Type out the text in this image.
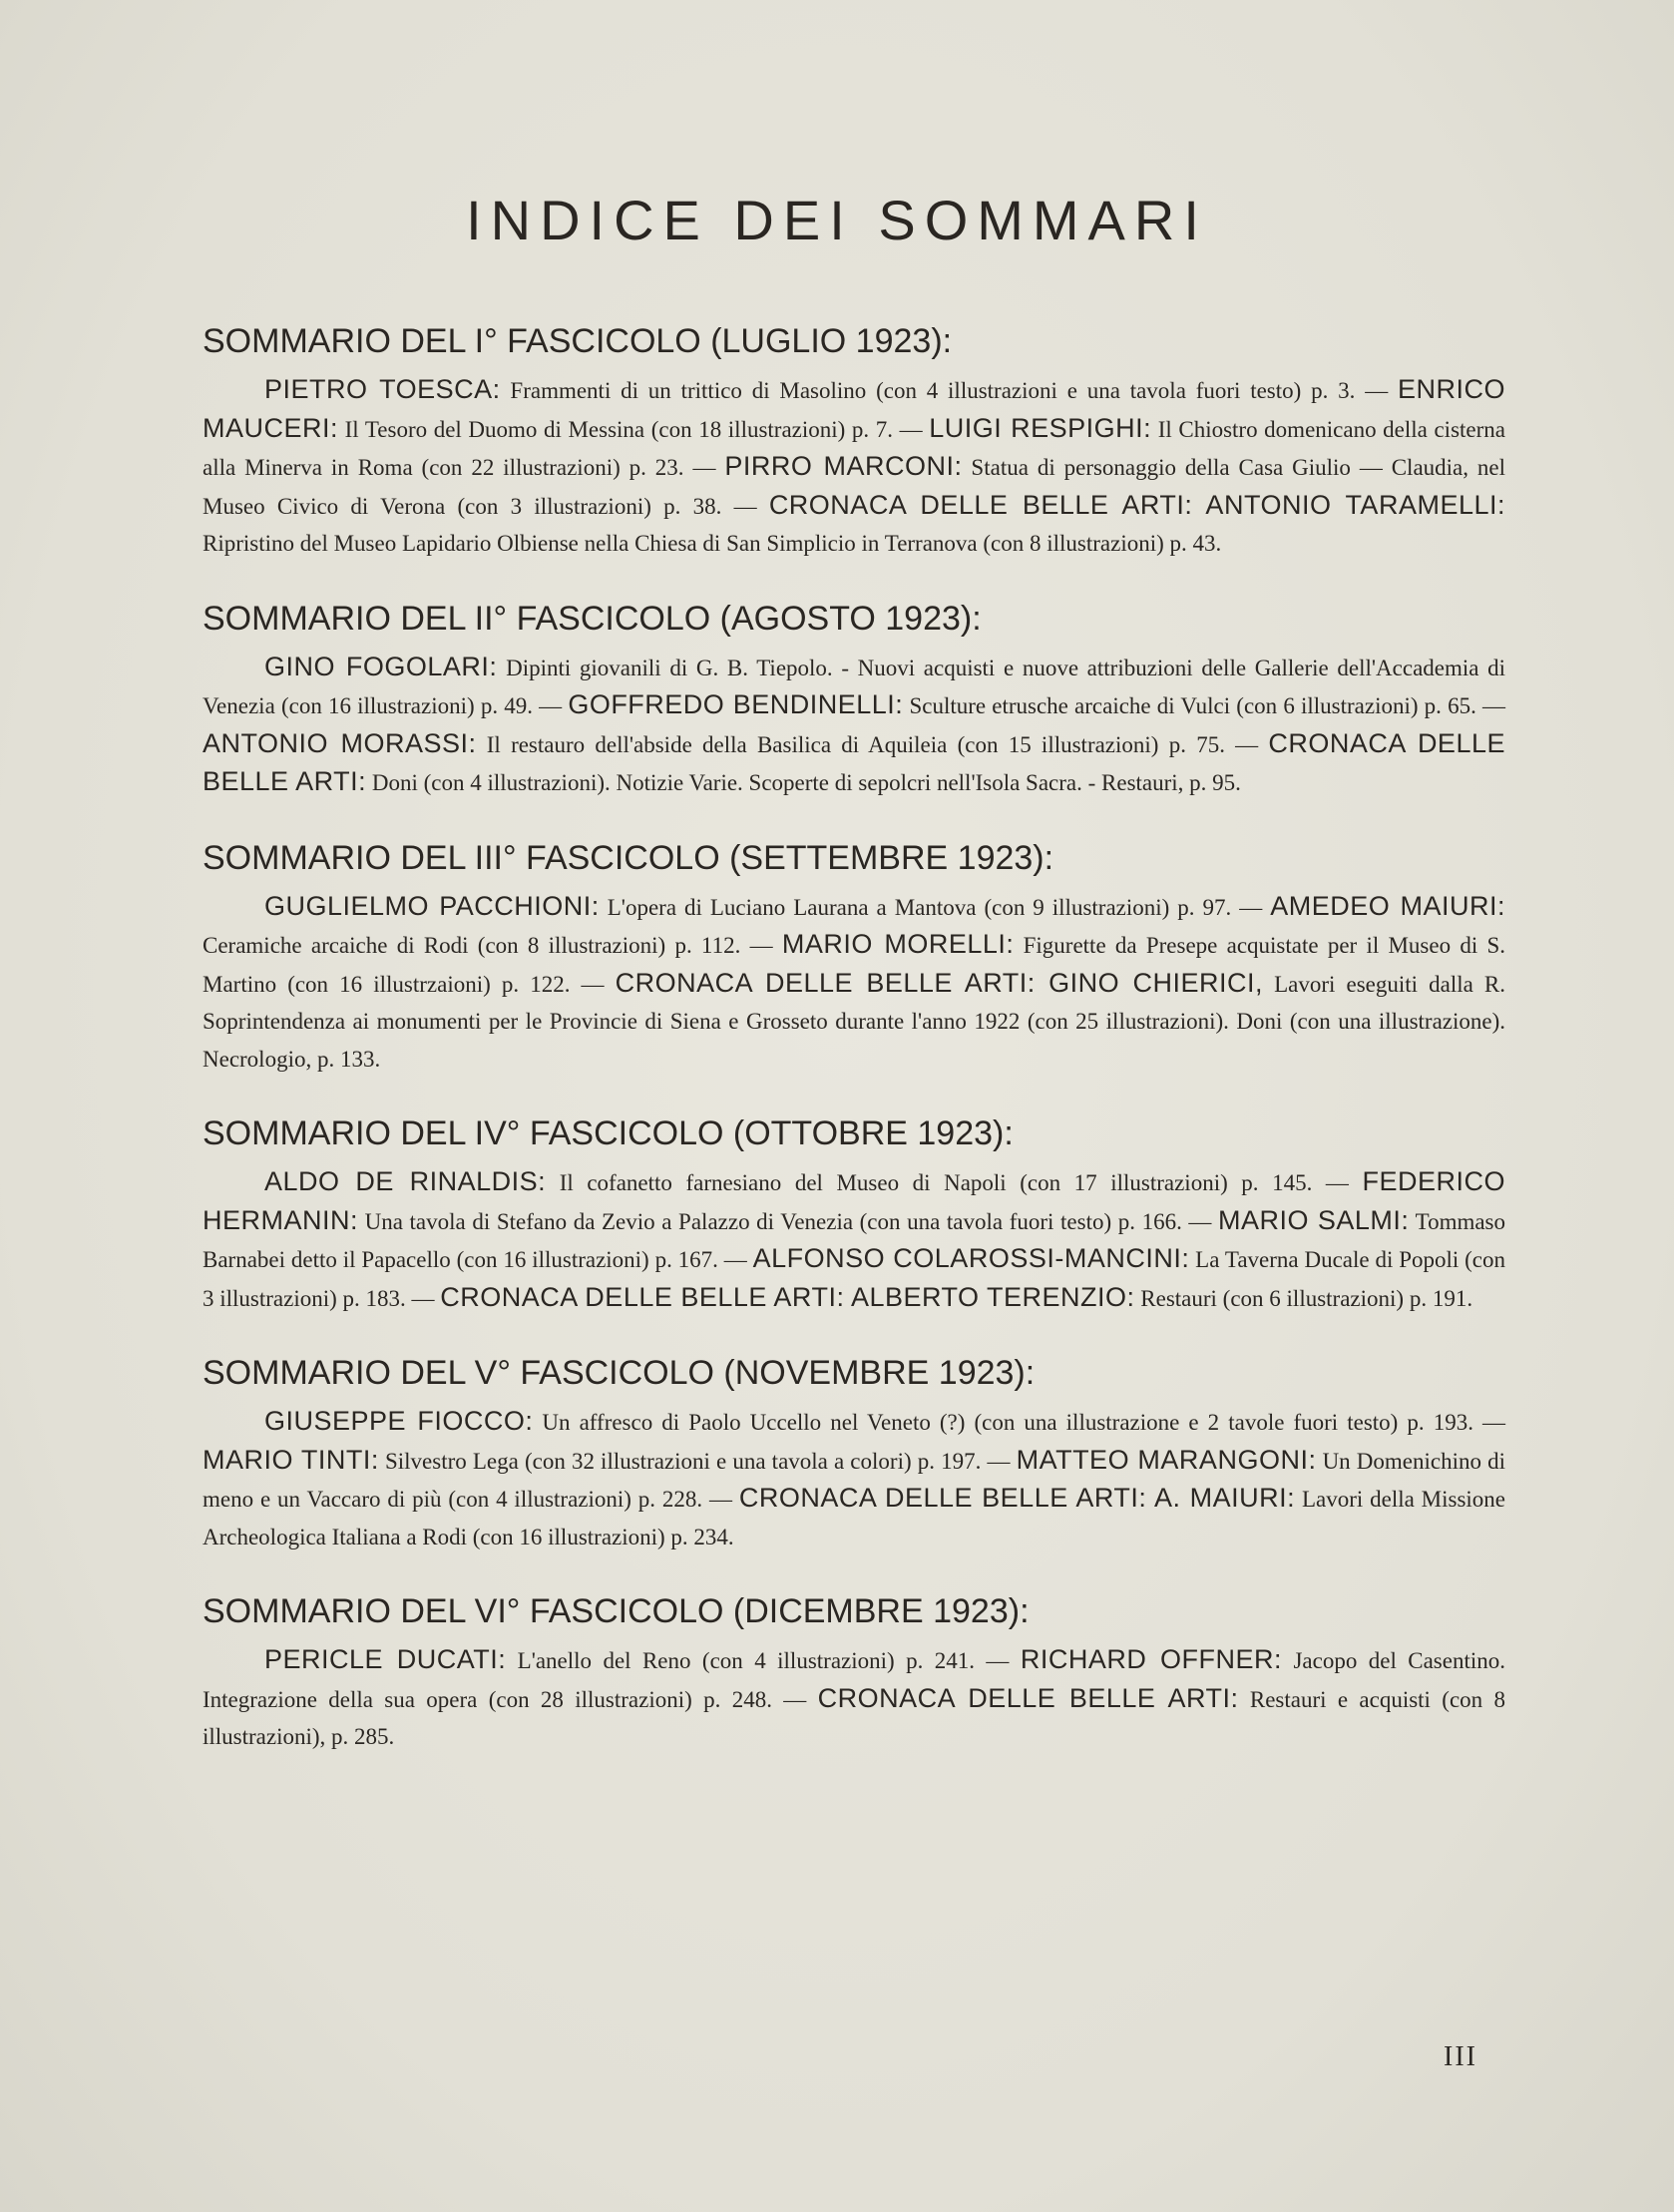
INDICE DEI SOMMARI
SOMMARIO DEL I° FASCICOLO (LUGLIO 1923):

PIETRO TOESCA: Frammenti di un trittico di Masolino (con 4 illustrazioni e una tavola fuori testo) p. 3. — ENRICO MAUCERI: Il Tesoro del Duomo di Messina (con 18 illustrazioni) p. 7. — LUIGI RESPIGHI: Il Chiostro domenicano della cisterna alla Minerva in Roma (con 22 illustrazioni) p. 23. — PIRRO MARCONI: Statua di personaggio della Casa Giulio — Claudia, nel Museo Civico di Verona (con 3 illustrazioni) p. 38. — CRONACA DELLE BELLE ARTI: ANTONIO TARAMELLI: Ripristino del Museo Lapidario Olbiense nella Chiesa di San Simplicio in Terranova (con 8 illustrazioni) p. 43.

SOMMARIO DEL II° FASCICOLO (AGOSTO 1923):

GINO FOGOLARI: Dipinti giovanili di G. B. Tiepolo. - Nuovi acquisti e nuove attribuzioni delle Gallerie dell'Accademia di Venezia (con 16 illustrazioni) p. 49. — GOFFREDO BENDINELLI: Sculture etrusche arcaiche di Vulci (con 6 illustrazioni) p. 65. — ANTONIO MORASSI: Il restauro dell'abside della Basilica di Aquileia (con 15 illustrazioni) p. 75. — CRONACA DELLE BELLE ARTI: Doni (con 4 illustrazioni). Notizie Varie. Scoperte di sepolcri nell'Isola Sacra. - Restauri, p. 95.

SOMMARIO DEL III° FASCICOLO (SETTEMBRE 1923):

GUGLIELMO PACCHIONI: L'opera di Luciano Laurana a Mantova (con 9 illustrazioni) p. 97. — AMEDEO MAIURI: Ceramiche arcaiche di Rodi (con 8 illustrazioni) p. 112. — MARIO MORELLI: Figurette da Presepe acquistate per il Museo di S. Martino (con 16 illustrzaioni) p. 122. — CRONACA DELLE BELLE ARTI: GINO CHIERICI, Lavori eseguiti dalla R. Soprintendenza ai monumenti per le Provincie di Siena e Grosseto durante l'anno 1922 (con 25 illustrazioni). Doni (con una illustrazione). Necrologio, p. 133.

SOMMARIO DEL IV° FASCICOLO (OTTOBRE 1923):

ALDO DE RINALDIS: Il cofanetto farnesiano del Museo di Napoli (con 17 illustrazioni) p. 145. — FEDERICO HERMANIN: Una tavola di Stefano da Zevio a Palazzo di Venezia (con una tavola fuori testo) p. 166. — MARIO SALMI: Tommaso Barnabei detto il Papacello (con 16 illustrazioni) p. 167. — ALFONSO COLAROSSI-MANCINI: La Taverna Ducale di Popoli (con 3 illustrazioni) p. 183. — CRONACA DELLE BELLE ARTI: ALBERTO TERENZIO: Restauri (con 6 illustrazioni) p. 191.

SOMMARIO DEL V° FASCICOLO (NOVEMBRE 1923):

GIUSEPPE FIOCCO: Un affresco di Paolo Uccello nel Veneto (?) (con una illustrazione e 2 tavole fuori testo) p. 193. — MARIO TINTI: Silvestro Lega (con 32 illustrazioni e una tavola a colori) p. 197. — MATTEO MARANGONI: Un Domenichino di meno e un Vaccaro di più (con 4 illustrazioni) p. 228. — CRONACA DELLE BELLE ARTI: A. MAIURI: Lavori della Missione Archeologica Italiana a Rodi (con 16 illustrazioni) p. 234.

SOMMARIO DEL VI° FASCICOLO (DICEMBRE 1923):

PERICLE DUCATI: L'anello del Reno (con 4 illustrazioni) p. 241. — RICHARD OFFNER: Jacopo del Casentino. Integrazione della sua opera (con 28 illustrazioni) p. 248. — CRONACA DELLE BELLE ARTI: Restauri e acquisti (con 8 illustrazioni), p. 285.

III
